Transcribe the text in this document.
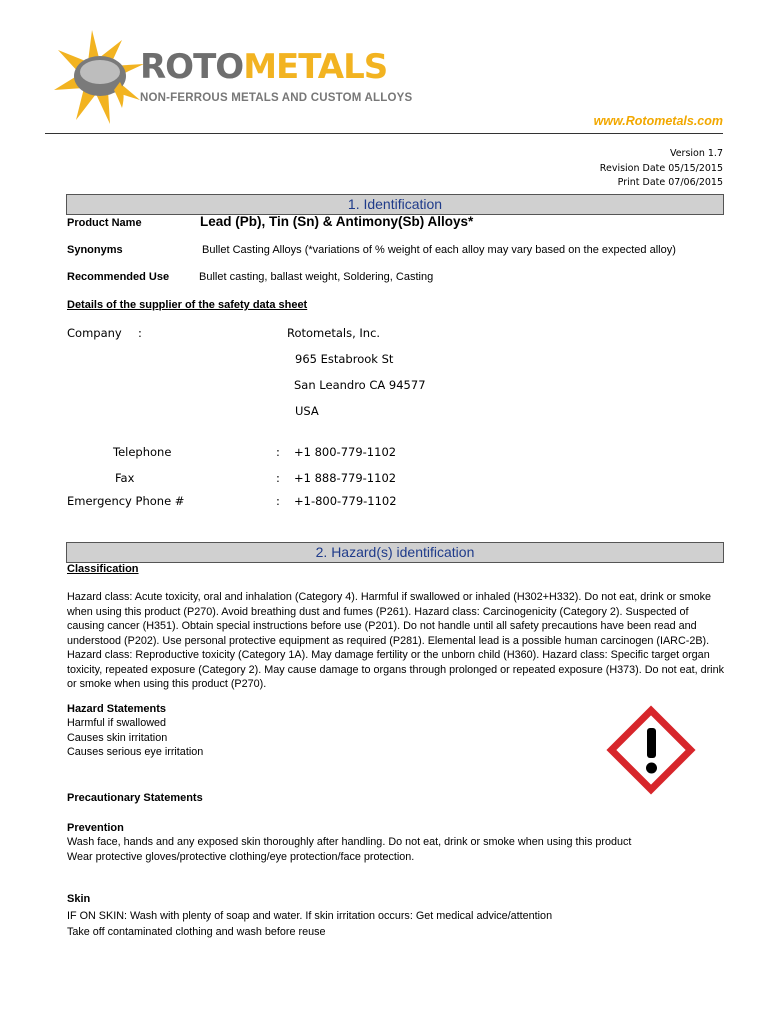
ROTOMETALS
NON-FERROUS METALS AND CUSTOM ALLOYS
www.Rotometals.com
Version 1.7
Revision Date 05/15/2015
Print Date 07/06/2015
1. Identification
Product Name	Lead (Pb), Tin (Sn) & Antimony(Sb) Alloys*
Synonyms	Bullet Casting Alloys (*variations of % weight of each alloy may vary based on the expected alloy)
Recommended Use	Bullet casting, ballast weight, Soldering, Casting
Details of the supplier of the safety data sheet
Company :	Rotometals, Inc.
965 Estabrook St
San Leandro CA 94577
USA
Telephone	: +1 800-779-1102
Fax	: +1 888-779-1102
Emergency Phone #	: +1-800-779-1102
2. Hazard(s) identification
Classification
Hazard class: Acute toxicity, oral and inhalation (Category 4). Harmful if swallowed or inhaled (H302+H332). Do not eat, drink or smoke when using this product (P270). Avoid breathing dust and fumes (P261). Hazard class: Carcinogenicity (Category 2). Suspected of causing cancer (H351). Obtain special instructions before use (P201). Do not handle until all safety precautions have been read and understood (P202). Use personal protective equipment as required (P281). Elemental lead is a possible human carcinogen (IARC-2B). Hazard class: Reproductive toxicity (Category 1A). May damage fertility or the unborn child (H360). Hazard class: Specific target organ toxicity, repeated exposure (Category 2). May cause damage to organs through prolonged or repeated exposure (H373). Do not eat, drink or smoke when using this product (P270).
Hazard Statements
Harmful if swallowed
Causes skin irritation
Causes serious eye irritation
Precautionary Statements
Prevention
Wash face, hands and any exposed skin thoroughly after handling. Do not eat, drink or smoke when using this product
Wear protective gloves/protective clothing/eye protection/face protection.
Skin
IF ON SKIN: Wash with plenty of soap and water. If skin irritation occurs: Get medical advice/attention
Take off contaminated clothing and wash before reuse
